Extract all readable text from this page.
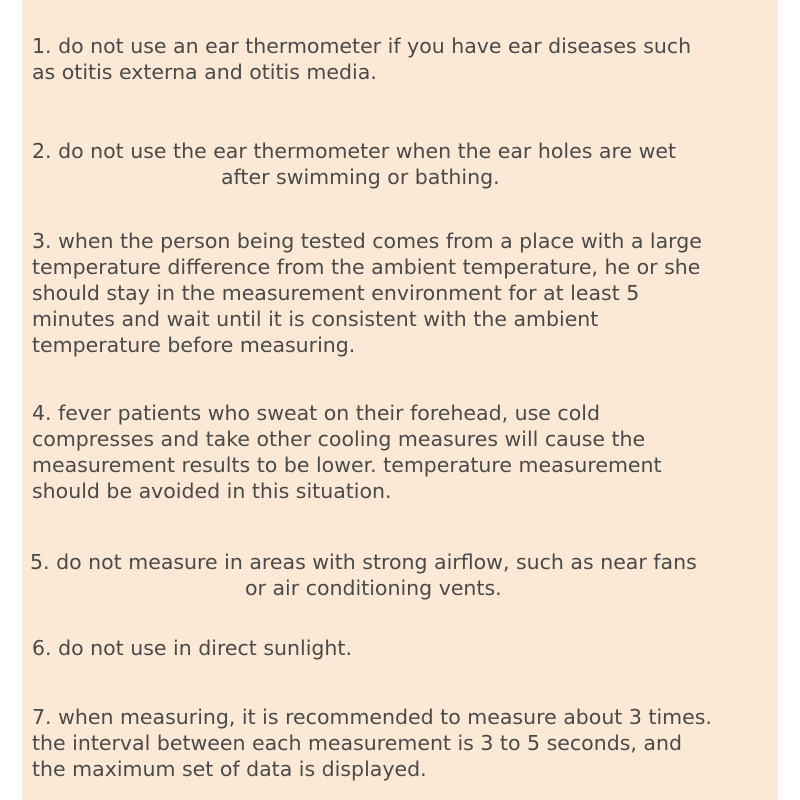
1. do not use an ear thermometer if you have ear diseases such
as otitis externa and otitis media.

2. do not use the ear thermometer when the ear holes are wet
after swimming or bathing.

3. when the person being tested comes from a place with a large
temperature difference from the ambient temperature, he or she
should stay in the measurement environment for at least 5
minutes and wait until it is consistent with the ambient
temperature before measuring.

4. fever patients who sweat on their forehead, use cold
compresses and take other cooling measures will cause the
measurement results to be lower. temperature measurement
should be avoided in this situation.

5. do not measure in areas with strong airflow, such as near fans
or air conditioning vents.

6. do not use in direct sunlight.

7. when measuring, it is recommended to measure about 3 times.
the interval between each measurement is 3 to 5 seconds, and
the maximum set of data is displayed.
